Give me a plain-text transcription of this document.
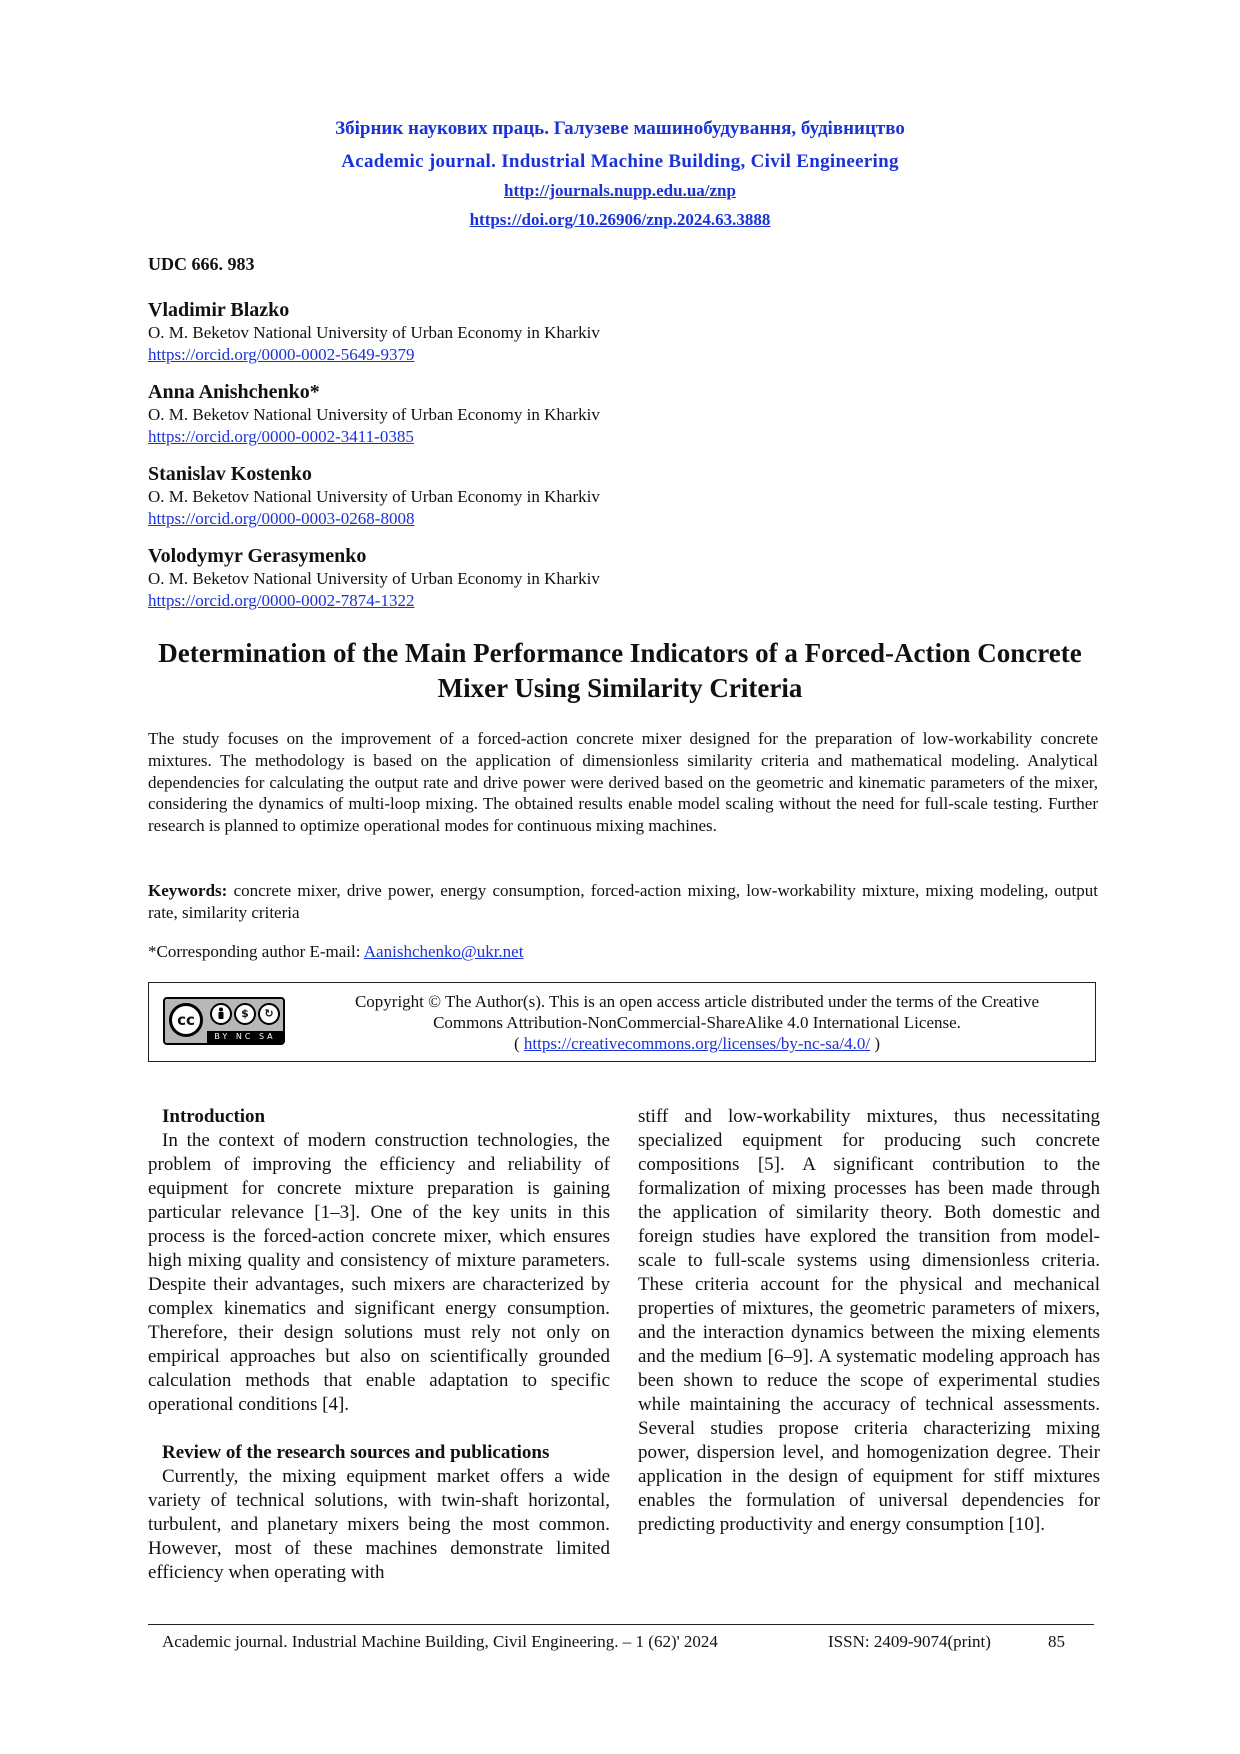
Збірник наукових праць. Галузеве машинобудування, будівництво
Academic journal. Industrial Machine Building, Civil Engineering
http://journals.nupp.edu.ua/znp
https://doi.org/10.26906/znp.2024.63.3888
UDC 666. 983
Vladimir Blazko
O. M. Beketov National University of Urban Economy in Kharkiv
https://orcid.org/0000-0002-5649-9379
Anna Anishchenko*
O. M. Beketov National University of Urban Economy in Kharkiv
https://orcid.org/0000-0002-3411-0385
Stanislav Kostenko
O. M. Beketov National University of Urban Economy in Kharkiv
https://orcid.org/0000-0003-0268-8008
Volodymyr Gerasymenko
O. M. Beketov National University of Urban Economy in Kharkiv
https://orcid.org/0000-0002-7874-1322
Determination of the Main Performance Indicators of a Forced-Action Concrete Mixer Using Similarity Criteria
The study focuses on the improvement of a forced-action concrete mixer designed for the preparation of low-workability concrete mixtures. The methodology is based on the application of dimensionless similarity criteria and mathematical modeling. Analytical dependencies for calculating the output rate and drive power were derived based on the geometric and kinematic parameters of the mixer, considering the dynamics of multi-loop mixing. The obtained results enable model scaling without the need for full-scale testing. Further research is planned to optimize operational modes for continuous mixing machines.
Keywords: concrete mixer, drive power, energy consumption, forced-action mixing, low-workability mixture, mixing modeling, output rate, similarity criteria
*Corresponding author E-mail: Aanishchenko@ukr.net
cc	$	↻
BY NC SA
Copyright © The Author(s). This is an open access article distributed under the terms of the Creative
Commons Attribution-NonCommercial-ShareAlike 4.0 International License.
( https://creativecommons.org/licenses/by-nc-sa/4.0/ )

Introduction

In the context of modern construction technologies, the problem of improving the efficiency and reliability of equipment for concrete mixture preparation is gaining particular relevance [1–3]. One of the key units in this process is the forced-action concrete mixer, which ensures high mixing quality and consistency of mixture parameters. Despite their advantages, such mixers are characterized by complex kinematics and significant energy consumption. Therefore, their design solutions must rely not only on empirical approaches but also on scientifically grounded calculation methods that enable adaptation to specific operational conditions [4].

Review of the research sources and publications

Currently, the mixing equipment market offers a wide variety of technical solutions, with twin-shaft horizontal, turbulent, and planetary mixers being the most common. However, most of these machines demonstrate limited efficiency when operating with

stiff and low-workability mixtures, thus necessitating specialized equipment for producing such concrete compositions [5]. A significant contribution to the formalization of mixing processes has been made through the application of similarity theory. Both domestic and foreign studies have explored the transition from model-scale to full-scale systems using dimensionless criteria. These criteria account for the physical and mechanical properties of mixtures, the geometric parameters of mixers, and the interaction dynamics between the mixing elements and the medium [6–9]. A systematic modeling approach has been shown to reduce the scope of experimental studies while maintaining the accuracy of technical assessments. Several studies propose criteria characterizing mixing power, dispersion level, and homogenization degree. Their application in the design of equipment for stiff mixtures enables the formulation of universal dependencies for predicting productivity and energy consumption [10].

Academic journal. Industrial Machine Building, Civil Engineering. – 1 (62)' 2024	ISSN: 2409-9074(print)	85
